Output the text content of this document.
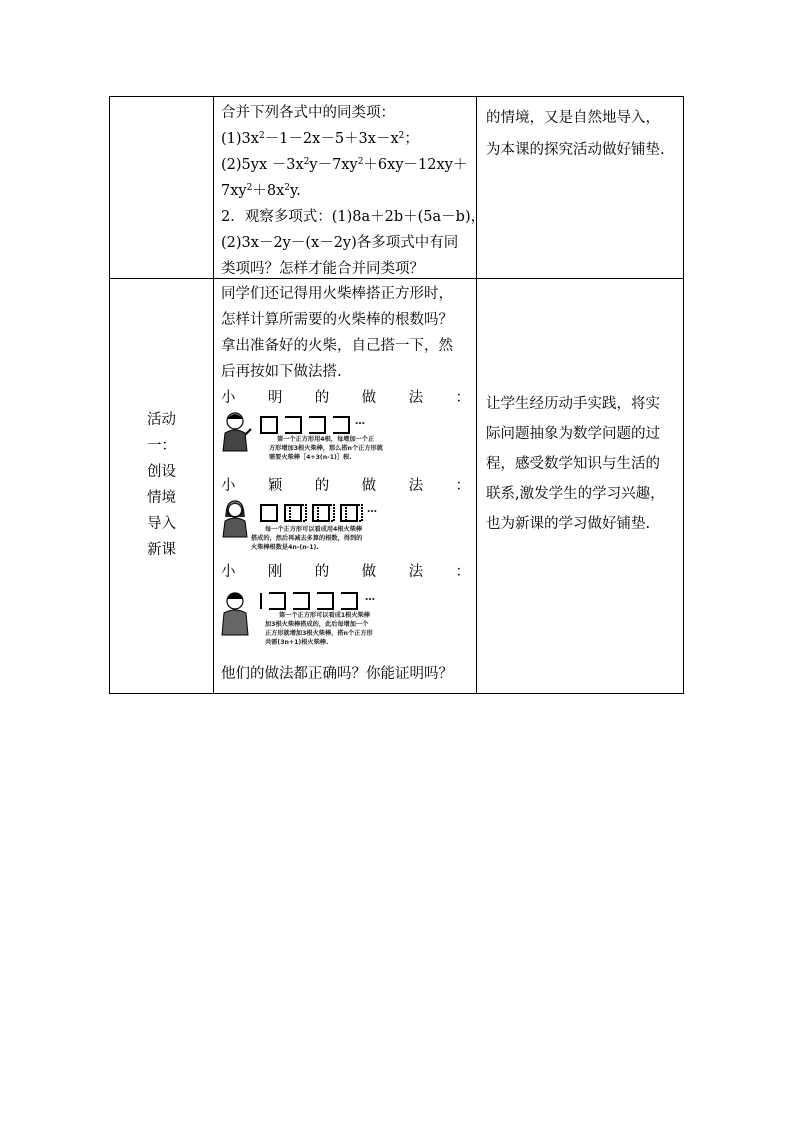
合并下列各式中的同类项：
$(1)3x^2-1-2x-5+3x-x^2$；
$(2)5yx -3x^2y-7xy^2+6xy-12xy+$
$7xy^2+8x^2y$.
2．观察多项式：(1)8a＋2b＋(5a－b)，
(2)3x－2y－(x－2y)各多项式中有同
类项吗？怎样才能合并同类项？
的情境，又是自然地导入，
为本课的探究活动做好铺垫.
活动
一：
创设
情境
导入
新课
同学们还记得用火柴棒搭正方形时，
怎样计算所需要的火柴棒的根数吗？
拿出准备好的火柴，自己搭一下，然
后再按如下做法搭.
小 明 的 做 法 ：
…
第一个正方形用4根，每增加一个正
方形增加3根火柴棒，那么搭n个正方形就
需要火柴棒［4+3(n-1)］根.
小 颖 的 做 法 ：
…
每一个正方形可以看成用4根火柴棒
搭成的，然后再减去多算的根数，得到的
火柴棒根数是4n-(n-1).
小 刚 的 做 法 ：
…
第一个正方形可以看成1根火柴棒
加3根火柴棒搭成的，此后每增加一个
正方形就增加3根火柴棒，搭n个正方形
共需(3n+1)根火柴棒.
他们的做法都正确吗？你能证明吗？
让学生经历动手实践，将实
际问题抽象为数学问题的过
程，感受数学知识与生活的
联系,激发学生的学习兴趣，
也为新课的学习做好铺垫.
